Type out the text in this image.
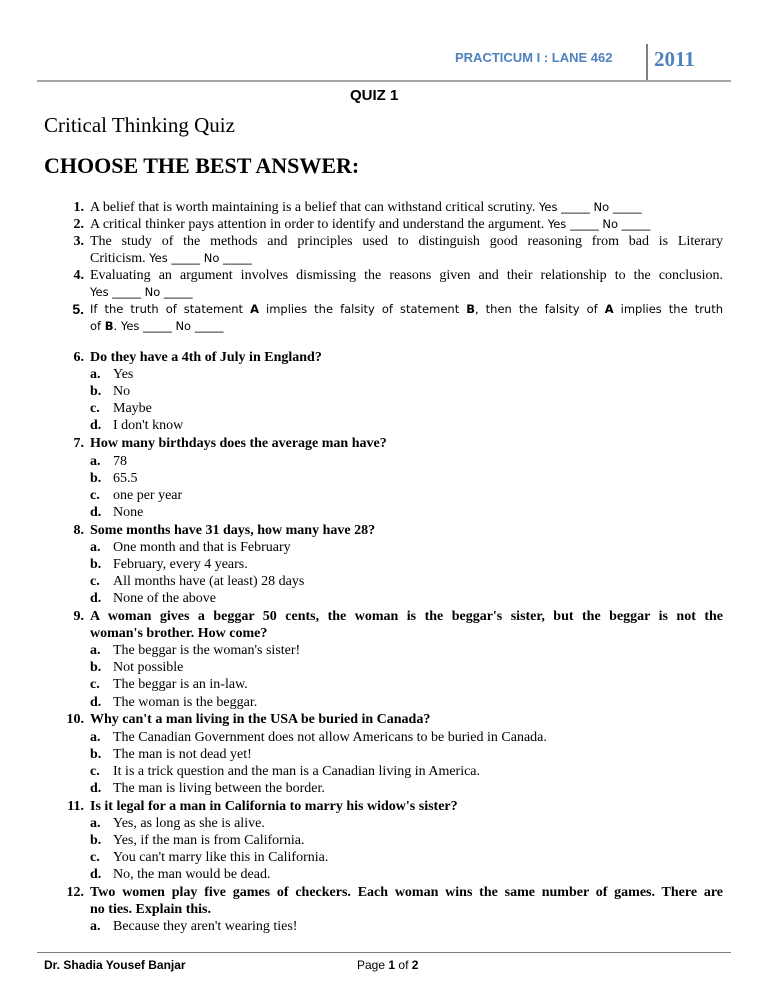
PRACTICUM I : LANE 462 2011
QUIZ 1
Critical Thinking Quiz
CHOOSE THE BEST ANSWER:
1. A belief that is worth maintaining is a belief that can withstand critical scrutiny. Yes _____ No _____
2. A critical thinker pays attention in order to identify and understand the argument. Yes _____ No _____
3. The study of the methods and principles used to distinguish good reasoning from bad is Literary
Criticism. Yes _____ No _____
4. Evaluating an argument involves dismissing the reasons given and their relationship to the conclusion.
Yes _____ No _____
5. If the truth of statement A implies the falsity of statement B, then the falsity of A implies the truth
of B. Yes _____ No _____
6. Do they have a 4th of July in England?
a. Yes
b. No
c. Maybe
d. I don't know
7. How many birthdays does the average man have?
a. 78
b. 65.5
c. one per year
d. None
8. Some months have 31 days, how many have 28?
a. One month and that is February
b. February, every 4 years.
c. All months have (at least) 28 days
d. None of the above
9. A woman gives a beggar 50 cents, the woman is the beggar's sister, but the beggar is not the
woman's brother. How come?
a. The beggar is the woman's sister!
b. Not possible
c. The beggar is an in-law.
d. The woman is the beggar.
10. Why can't a man living in the USA be buried in Canada?
a. The Canadian Government does not allow Americans to be buried in Canada.
b. The man is not dead yet!
c. It is a trick question and the man is a Canadian living in America.
d. The man is living between the border.
11. Is it legal for a man in California to marry his widow's sister?
a. Yes, as long as she is alive.
b. Yes, if the man is from California.
c. You can't marry like this in California.
d. No, the man would be dead.
12. Two women play five games of checkers. Each woman wins the same number of games. There are
no ties. Explain this.
a. Because they aren't wearing ties!
Dr. Shadia Yousef Banjar	Page 1 of 2
